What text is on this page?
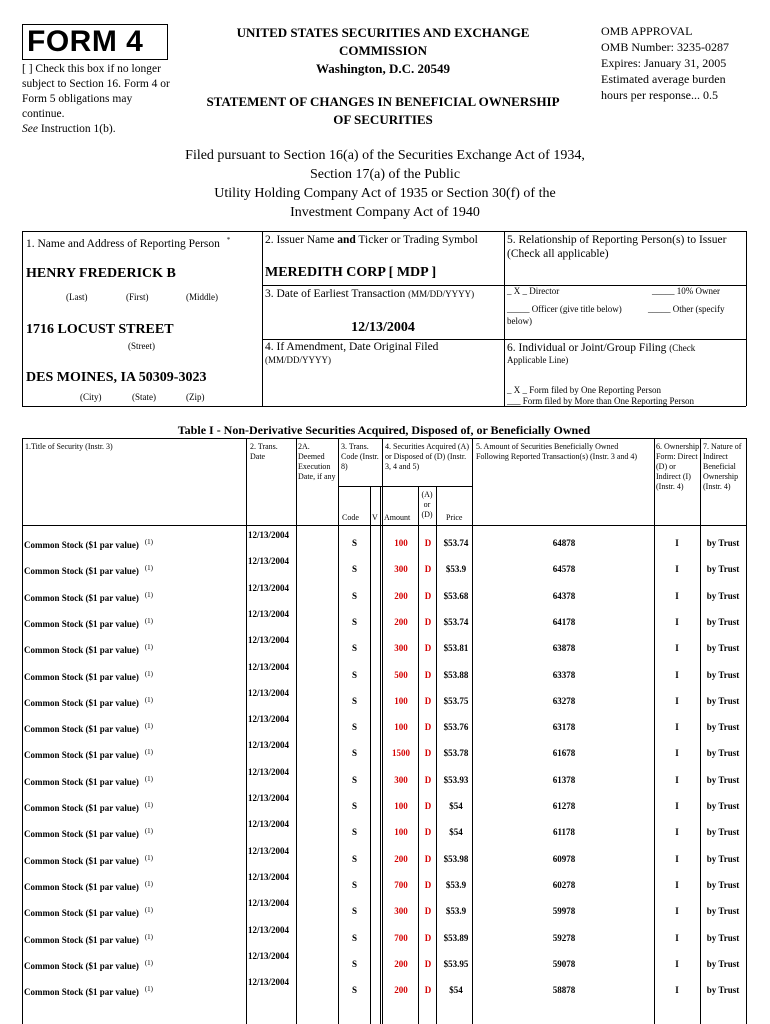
FORM 4
[ ] Check this box if no longer subject to Section 16. Form 4 or Form 5 obligations may continue.
See Instruction 1(b).
UNITED STATES SECURITIES AND EXCHANGE
COMMISSION
Washington, D.C. 20549
STATEMENT OF CHANGES IN BENEFICIAL OWNERSHIP
OF SECURITIES
OMB APPROVAL
OMB Number: 3235-0287
Expires: January 31, 2005
Estimated average burden
hours per response... 0.5
Filed pursuant to Section 16(a) of the Securities Exchange Act of 1934,
Section 17(a) of the Public
Utility Holding Company Act of 1935 or Section 30(f) of the
Investment Company Act of 1940
1. Name and Address of Reporting Person *
HENRY FREDERICK B
(Last)	(First)	(Middle)
1716 LOCUST STREET
(Street)
DES MOINES, IA 50309-3023
(City)	(State)	(Zip)
2. Issuer Name and Ticker or Trading Symbol
MEREDITH CORP [ MDP ]
3. Date of Earliest Transaction (MM/DD/YYYY)
12/13/2004
4. If Amendment, Date Original Filed
(MM/DD/YYYY)
5. Relationship of Reporting Person(s) to Issuer
(Check all applicable)
_ X _ Director	_____ 10% Owner
_____ Officer (give title below)	_____ Other (specify
below)
6. Individual or Joint/Group Filing (Check
Applicable Line)
_ X _ Form filed by One Reporting Person
___ Form filed by More than One Reporting Person
Table I - Non-Derivative Securities Acquired, Disposed of, or Beneficially Owned
1.Title of Security (Instr. 3)	2. Trans. Date
2A. Deemed Execution Date, if any
3. Trans. Code (Instr. 8)
4. Securities Acquired (A) or Disposed of (D) (Instr. 3, 4 and 5)
5. Amount of Securities Beneficially Owned Following Reported Transaction(s) (Instr. 3 and 4)
6. Ownership Form: Direct (D) or Indirect (I) (Instr. 4)
7. Nature of Indirect Beneficial Ownership (Instr. 4)
Code V Amount
(A) or (D) Price
Common Stock ($1 par value) $^{(1)}$
12/13/2004
S	100	D	$53.74	64878	I	by Trust
Common Stock ($1 par value) $^{(1)}$
12/13/2004
S	300	D	$53.9	64578	I	by Trust
Common Stock ($1 par value) $^{(1)}$
12/13/2004
S	200	D	$53.68	64378	I	by Trust
Common Stock ($1 par value) $^{(1)}$
12/13/2004
S	200	D	$53.74	64178	I	by Trust
Common Stock ($1 par value) $^{(1)}$
12/13/2004
S	300	D	$53.81	63878	I	by Trust
Common Stock ($1 par value) $^{(1)}$
12/13/2004
S	500	D	$53.88	63378	I	by Trust
Common Stock ($1 par value) $^{(1)}$
12/13/2004
S	100	D	$53.75	63278	I	by Trust
Common Stock ($1 par value) $^{(1)}$
12/13/2004
S	100	D	$53.76	63178	I	by Trust
Common Stock ($1 par value) $^{(1)}$
12/13/2004
S	1500	D	$53.78	61678	I	by Trust
Common Stock ($1 par value) $^{(1)}$
12/13/2004
S	300	D	$53.93	61378	I	by Trust
Common Stock ($1 par value) $^{(1)}$
12/13/2004
S	100	D	$54	61278	I	by Trust
Common Stock ($1 par value) $^{(1)}$
12/13/2004
S	100	D	$54	61178	I	by Trust
Common Stock ($1 par value) $^{(1)}$
12/13/2004
S	200	D	$53.98	60978	I	by Trust
Common Stock ($1 par value) $^{(1)}$
12/13/2004
S	700	D	$53.9	60278	I	by Trust
Common Stock ($1 par value) $^{(1)}$
12/13/2004
S	300	D	$53.9	59978	I	by Trust
Common Stock ($1 par value) $^{(1)}$
12/13/2004
S	700	D	$53.89	59278	I	by Trust
Common Stock ($1 par value) $^{(1)}$
12/13/2004
S	200	D	$53.95	59078	I	by Trust
Common Stock ($1 par value) $^{(1)}$
12/13/2004
S	200	D	$54	58878	I	by Trust
